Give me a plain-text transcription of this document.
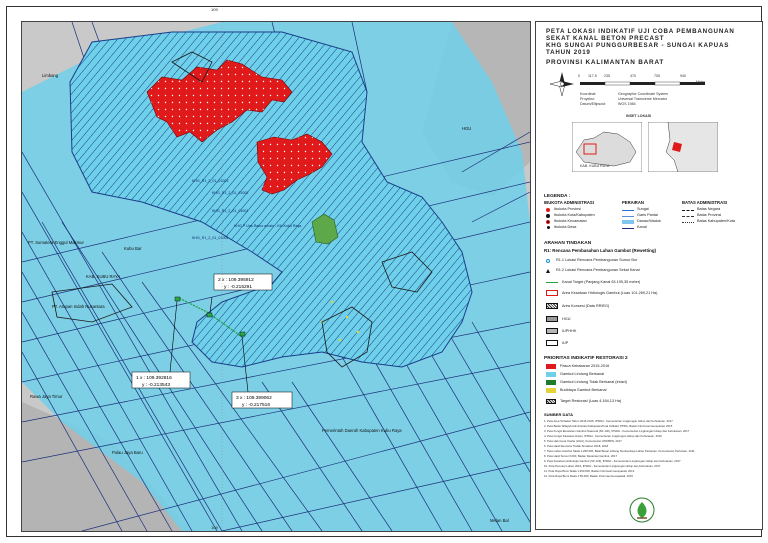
2 x : 109.395912
y : -0.215291
1 x : 109.392816
y : -0.213543
3 x : 109.399062
y : -0.217516
Limbang
HGU
PT. Sumatera Enggul Makmur
KAB. KUBU RAYA
PT. Arupan Indah Nusantara
Kubu Bar
Rawa Jaya Timur
Pemerintah Daerah Kabupaten Kubu Raya
Pulau Jaya Baru
Melan Bal
KHG_R1_2_01_01003
KHG_R1_2_01_01002
KHG_R1_2_01_01001
KHG_R1_2_01_01004
KHG P Uas-Ramo an/ain - Kih Kubu Raya
109
109
PETA LOKASI INDIKATIF UJI COBA PEMBANGUNAN
SEKAT KANAL BETON PRECAST
KHG SUNGAI PUNGGURBESAR - SUNGAI KAPUAS
TAHUN 2019
PROVINSI KALIMANTAN BARAT
0 117.5 235	470	705	940
Meter
Koordinat:
Proyeksi:
Datum/Ellipsoid:
Geographic Coordinate System
Universal Transverse Mercator
WGS 1984
INSET LOKASI
KAB. KUBU RAYA
LEGENDA :
IBUKOTA ADMINISTRASI	PERAIRAN	BATAS ADMINISTRASI
Ibukota Provinsi
Ibukota Kota/Kabupaten
Ibukota Kecamatan
Ibukota Desa
Sungai
Garis Pantai
Danau/Waduk
Kanal
Batas Negara
Batas Provinsi
Batas Kabupaten/Kota
ARAHAN TINDAKAN
R1: Rencana Pembasahan Lahan Gambut (Rewetting)
R1.1 Lokasi Rencana Pembangunan Sumur Bor
R1.2 Lokasi Rencana Pembangunan Sekat Kanal
Kanal Target (Panjang Kanal 63.195,35 meter)
Area Kesatuan Hidrologis Gambut (Luas 101.269,21 Ha)
Area Konsesi (Data RRIEG)
HGU
IUPHHK
IUP
PRIORITAS INDIKATIF RESTORASI 2
Pasca Kebakaran 2015-2016
Gambut Lindung Berkanal
Gambut Lindung Tidak Berkanal (intact)
Budidaya Gambut Berkanal
Target Restorasi (Luas 4.184,13 Ha)
SUMBER DATA
1. Peta Area Terbakar Tahun 2015-2016, IPSDH - Kementerian Lingkungan Hidup dan Kehutanan, 2017
2. Peta Batas Wilayah Administrasi Kabupaten/Kota Indikatif, PPRA, Badan Informasi Geospasial, 2015
3. Peta Fungsi Ekosistem Gambut Nasional (SK.130), IPSDH - Kementerian Lingkungan Hidup dan Kehutanan, 2017
4. Peta Fungsi Kawasan Hutan, IPSDH - Kementerian Lingkungan Hidup dan Kehutanan, 2016
5. Peta Hak Guna Usaha (HGU), Kementerian ATR/BPN, 2017
6. Peta Hasil Rencana Tindak Simaluan 2018, 2018
7. Peta Lahan Gambut Skala 1:250.000, Balai Besar Litbang Sumberdaya Lahan Pertanian, Kementerian Pertanian, 2011
8. Peta Hasil Survei 0.000, Badan Restorasi Gambut, 2017
9. Peta Kesatuan Hidrologis Gambut (SK.129), IPSDH - Kementerian Lingkungan Hidup dan Kehutanan, 2017
10. Peta Penutup Lahan 2016, IPSDH - Kementerian Lingkungan Hidup dan Kehutanan, 2017
11. Peta Rupa Bumi Skala 1:250.000, Badan Informasi Geospasial, 2013
12. Peta Rupa Bumi Skala 1:50.000, Badan Informasi Geospasial, 2015
